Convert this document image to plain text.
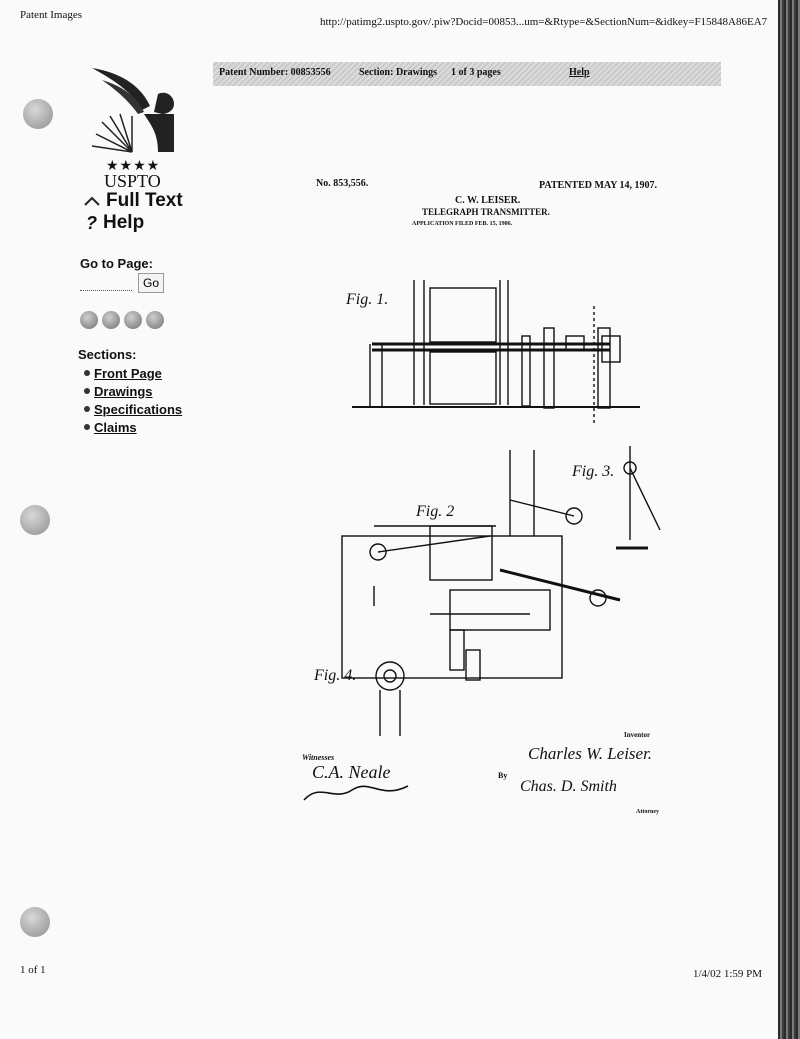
Patent Images
http://patimg2.uspto.gov/.piw?Docid=00853...um=&Rtype=&SectionNum=&idkey=F15848A86EA7
★★★★
USPTO
Full Text
? Help
Go to Page:
Go
Sections:
Front Page
Drawings
Specifications
Claims
Patent Number: 00853556	Section: Drawings 1 of 3 pages	Help
No. 853,556.	PATENTED MAY 14, 1907.
C. W. LEISER.
TELEGRAPH TRANSMITTER.
APPLICATION FILED FEB. 15, 1906.
Fig. 1.
Fig. 2
Fig. 3.
Fig. 4.
Inventor
Witnesses
C.A. Neale
Charles W. Leiser.
By
Chas. D. Smith
Attorney
1 of 1	1/4/02 1:59 PM
